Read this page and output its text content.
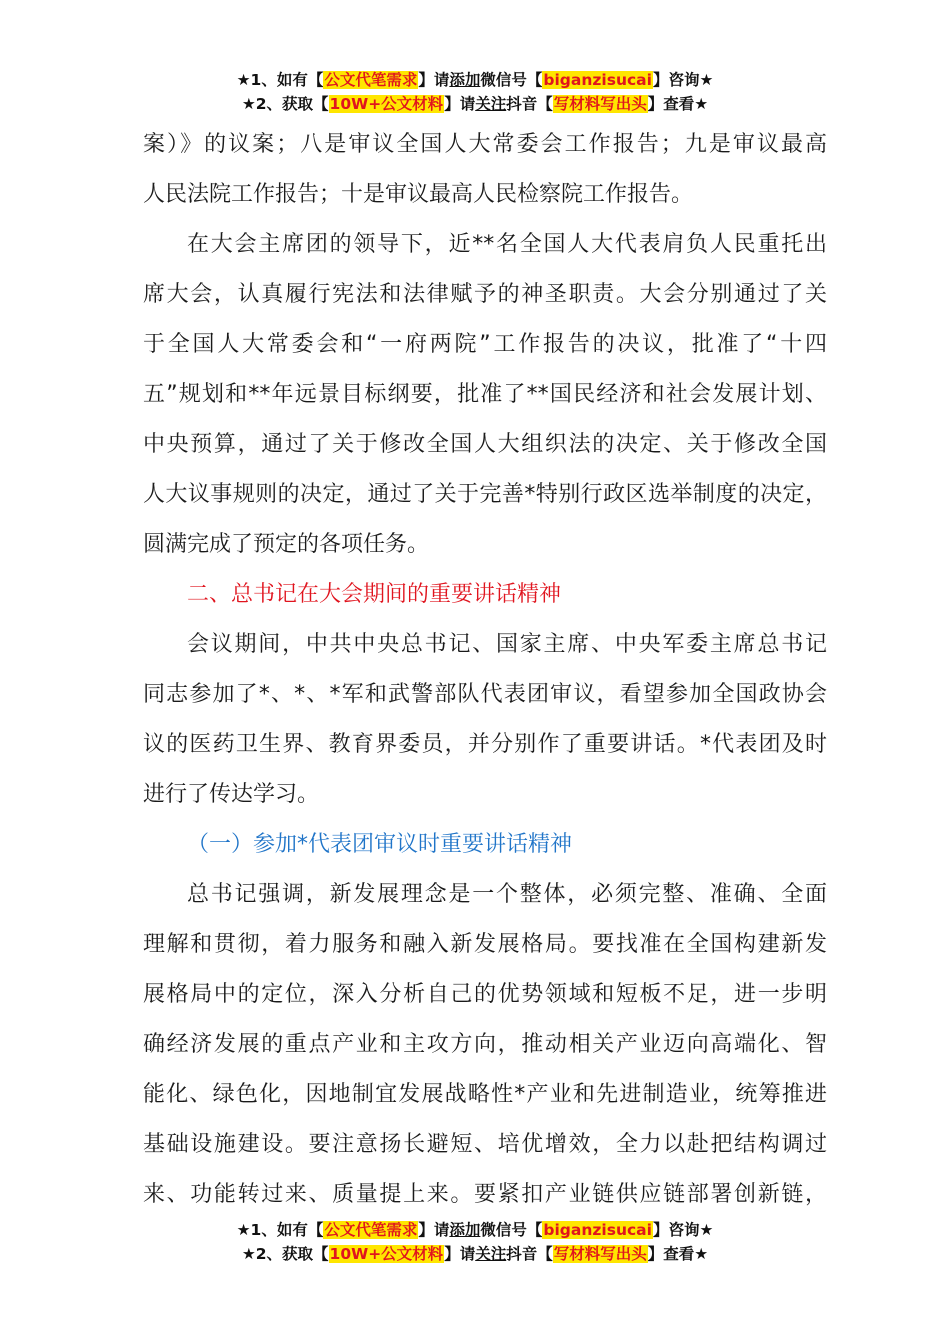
★1、如有【公文代笔需求】请添加微信号【biganzisucai】咨询★
★2、获取【10W+公文材料】请关注抖音【写材料写出头】查看★
案）》的议案；八是审议全国人大常委会工作报告；九是审议最高
人民法院工作报告；十是审议最高人民检察院工作报告。
在大会主席团的领导下，近**名全国人大代表肩负人民重托出
席大会，认真履行宪法和法律赋予的神圣职责。大会分别通过了关
于全国人大常委会和“一府两院”工作报告的决议，批准了“十四
五”规划和**年远景目标纲要，批准了**国民经济和社会发展计划、
中央预算，通过了关于修改全国人大组织法的决定、关于修改全国
人大议事规则的决定，通过了关于完善*特别行政区选举制度的决定，
圆满完成了预定的各项任务。
二、总书记在大会期间的重要讲话精神
会议期间，中共中央总书记、国家主席、中央军委主席总书记
同志参加了*、*、*军和武警部队代表团审议，看望参加全国政协会
议的医药卫生界、教育界委员，并分别作了重要讲话。*代表团及时
进行了传达学习。
（一）参加*代表团审议时重要讲话精神
总书记强调，新发展理念是一个整体，必须完整、准确、全面
理解和贯彻，着力服务和融入新发展格局。要找准在全国构建新发
展格局中的定位，深入分析自己的优势领域和短板不足，进一步明
确经济发展的重点产业和主攻方向，推动相关产业迈向高端化、智
能化、绿色化，因地制宜发展战略性*产业和先进制造业，统筹推进
基础设施建设。要注意扬长避短、培优增效，全力以赴把结构调过
来、功能转过来、质量提上来。要紧扣产业链供应链部署创新链，
★1、如有【公文代笔需求】请添加微信号【biganzisucai】咨询★
★2、获取【10W+公文材料】请关注抖音【写材料写出头】查看★
